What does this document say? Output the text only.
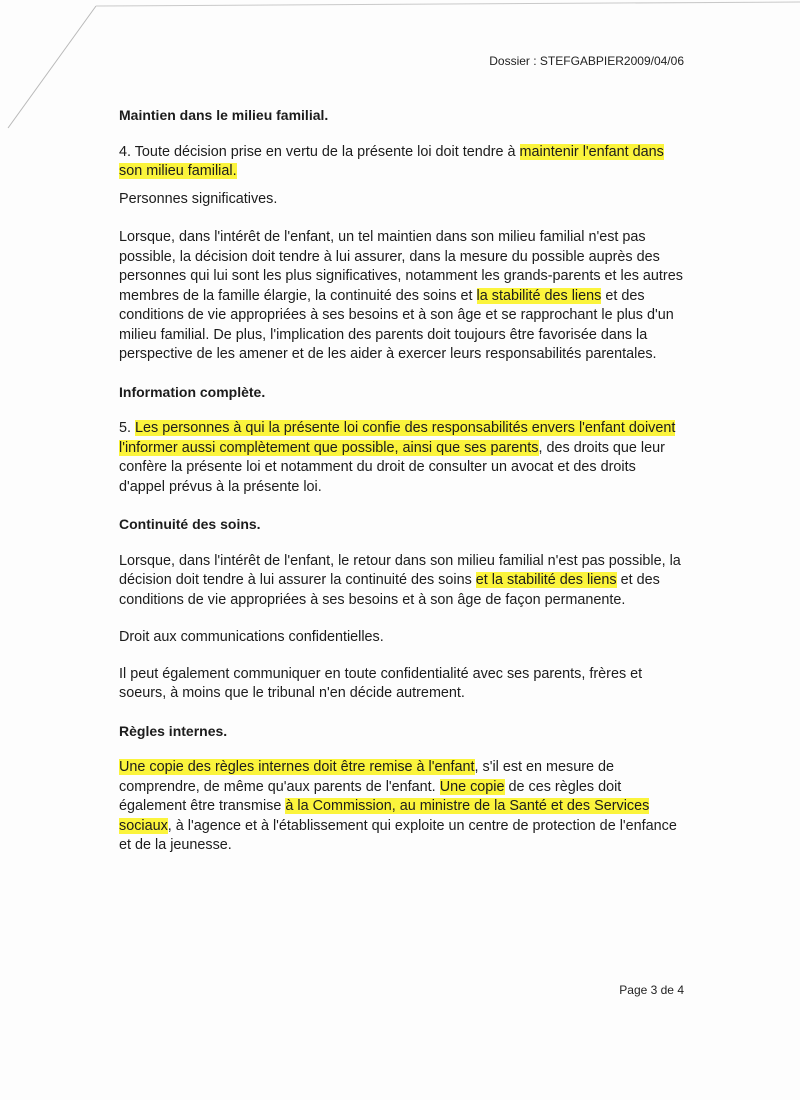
Dossier : STEFGABPIER2009/04/06

Maintien dans le milieu familial.

4. Toute décision prise en vertu de la présente loi doit tendre à maintenir l'enfant dans son milieu familial.

Personnes significatives.

Lorsque, dans l'intérêt de l'enfant, un tel maintien dans son milieu familial n'est pas possible, la décision doit tendre à lui assurer, dans la mesure du possible auprès des personnes qui lui sont les plus significatives, notamment les grands-parents et les autres membres de la famille élargie, la continuité des soins et la stabilité des liens et des conditions de vie appropriées à ses besoins et à son âge et se rapprochant le plus d'un milieu familial. De plus, l'implication des parents doit toujours être favorisée dans la perspective de les amener et de les aider à exercer leurs responsabilités parentales.

Information complète.

5. Les personnes à qui la présente loi confie des responsabilités envers l'enfant doivent l'informer aussi complètement que possible, ainsi que ses parents, des droits que leur confère la présente loi et notamment du droit de consulter un avocat et des droits d'appel prévus à la présente loi.

Continuité des soins.

Lorsque, dans l'intérêt de l'enfant, le retour dans son milieu familial n'est pas possible, la décision doit tendre à lui assurer la continuité des soins et la stabilité des liens et des conditions de vie appropriées à ses besoins et à son âge de façon permanente.

Droit aux communications confidentielles.

Il peut également communiquer en toute confidentialité avec ses parents, frères et soeurs, à moins que le tribunal n'en décide autrement.

Règles internes.

Une copie des règles internes doit être remise à l'enfant, s'il est en mesure de comprendre, de même qu'aux parents de l'enfant. Une copie de ces règles doit également être transmise à la Commission, au ministre de la Santé et des Services sociaux, à l'agence et à l'établissement qui exploite un centre de protection de l'enfance et de la jeunesse.

Page 3 de 4
